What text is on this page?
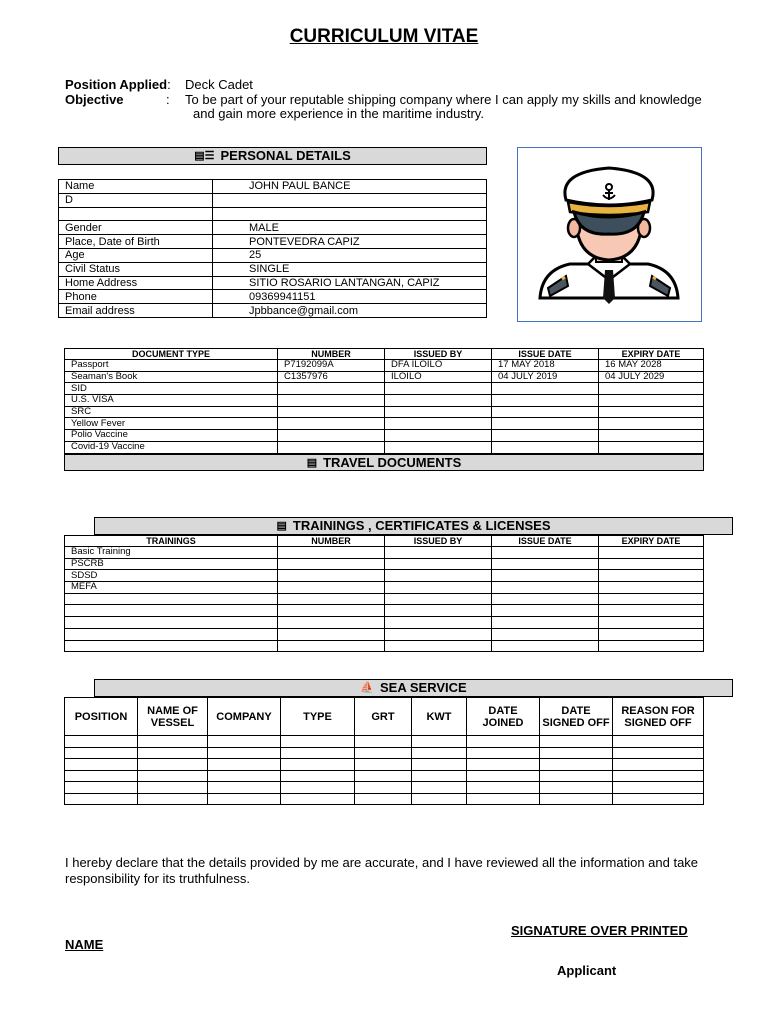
CURRICULUM VITAE
Position Applied: Deck Cadet
Objective	: To be part of your reputable shipping company where I can apply my skills and knowledge
and gain more experience in the maritime industry.
▤☰ PERSONAL DETAILS
Name	JOHN PAUL BANCE
D	

Gender	MALE
Place, Date of Birth	PONTEVEDRA CAPIZ
Age	25
Civil Status	SINGLE
Home Address	SITIO ROSARIO LANTANGAN, CAPIZ
Phone	09369941151
Email address	Jpbbance@gmail.com
DOCUMENT TYPE	NUMBER	ISSUED BY	ISSUE DATE	EXPIRY DATE
Passport	P7192099A	DFA ILOILO	17 MAY 2018	16 MAY 2028
Seaman's Book	C1357976	ILOILO	04 JULY 2019	04 JULY 2029
SID				
U.S. VISA				
SRC				
Yellow Fever				
Polio Vaccine				
Covid-19 Vaccine				
▤ TRAVEL DOCUMENTS
▤ TRAININGS , CERTIFICATES & LICENSES
TRAININGS	NUMBER	ISSUED BY	ISSUE DATE	EXPIRY DATE
Basic Training				
PSCRB				
SDSD				
MEFA				

⛵ SEA SERVICE
POSITION	NAME OF VESSEL	COMPANY	TYPE	GRT	KWT	DATE JOINED	DATE SIGNED OFF	REASON FOR SIGNED OFF

I hereby declare that the details provided by me are accurate, and I have reviewed all the information and take responsibility for its truthfulness.
SIGNATURE OVER PRINTED
NAME
Applicant
